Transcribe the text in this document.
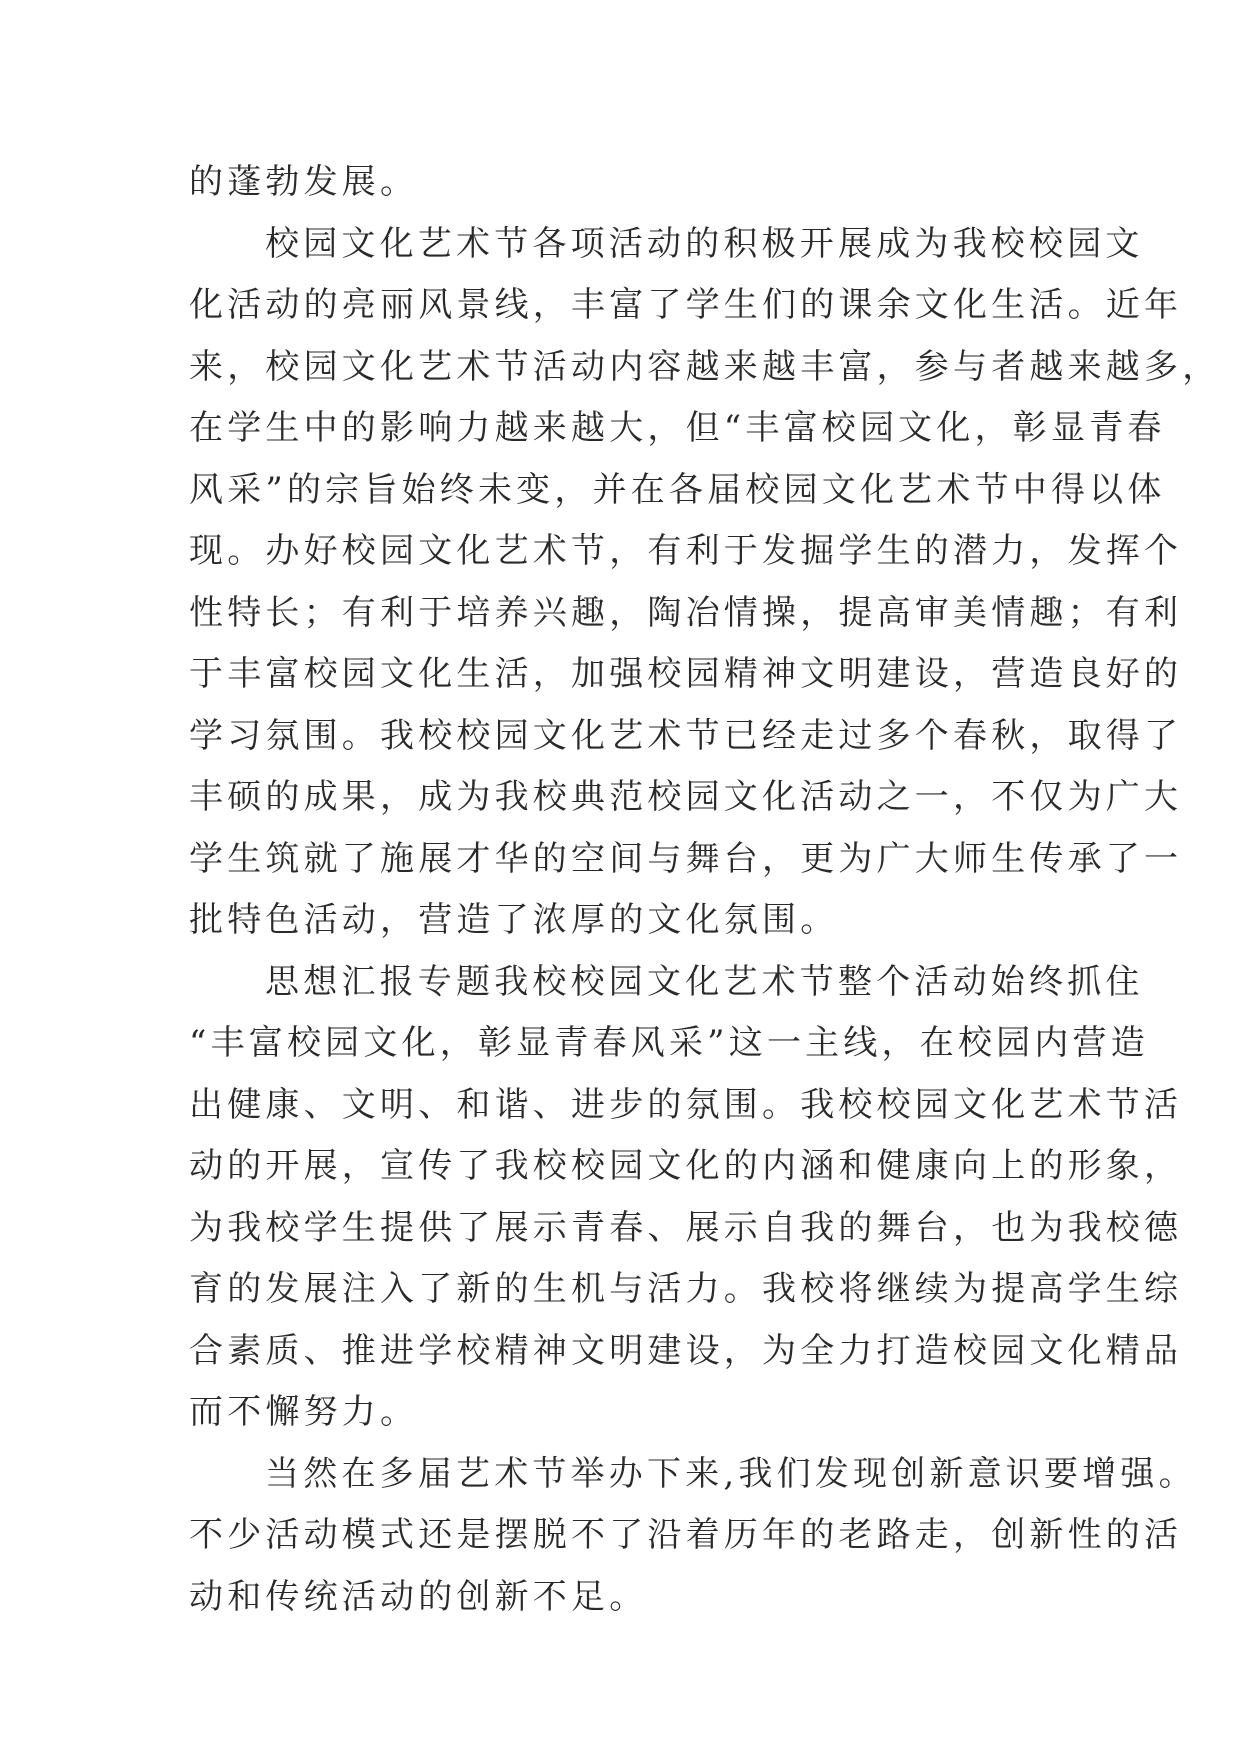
的蓬勃发展。
校园文化艺术节各项活动的积极开展成为我校校园文
化活动的亮丽风景线，丰富了学生们的课余文化生活。近年
来，校园文化艺术节活动内容越来越丰富，参与者越来越多，
在学生中的影响力越来越大，但“丰富校园文化，彰显青春
风采”的宗旨始终未变，并在各届校园文化艺术节中得以体
现。办好校园文化艺术节，有利于发掘学生的潜力，发挥个
性特长；有利于培养兴趣，陶冶情操，提高审美情趣；有利
于丰富校园文化生活，加强校园精神文明建设，营造良好的
学习氛围。我校校园文化艺术节已经走过多个春秋，取得了
丰硕的成果，成为我校典范校园文化活动之一，不仅为广大
学生筑就了施展才华的空间与舞台，更为广大师生传承了一
批特色活动，营造了浓厚的文化氛围。
思想汇报专题我校校园文化艺术节整个活动始终抓住
“丰富校园文化，彰显青春风采”这一主线，在校园内营造
出健康、文明、和谐、进步的氛围。我校校园文化艺术节活
动的开展，宣传了我校校园文化的内涵和健康向上的形象，
为我校学生提供了展示青春、展示自我的舞台，也为我校德
育的发展注入了新的生机与活力。我校将继续为提高学生综
合素质、推进学校精神文明建设，为全力打造校园文化精品
而不懈努力。
当然在多届艺术节举办下来,我们发现创新意识要增强。
不少活动模式还是摆脱不了沿着历年的老路走，创新性的活
动和传统活动的创新不足。
